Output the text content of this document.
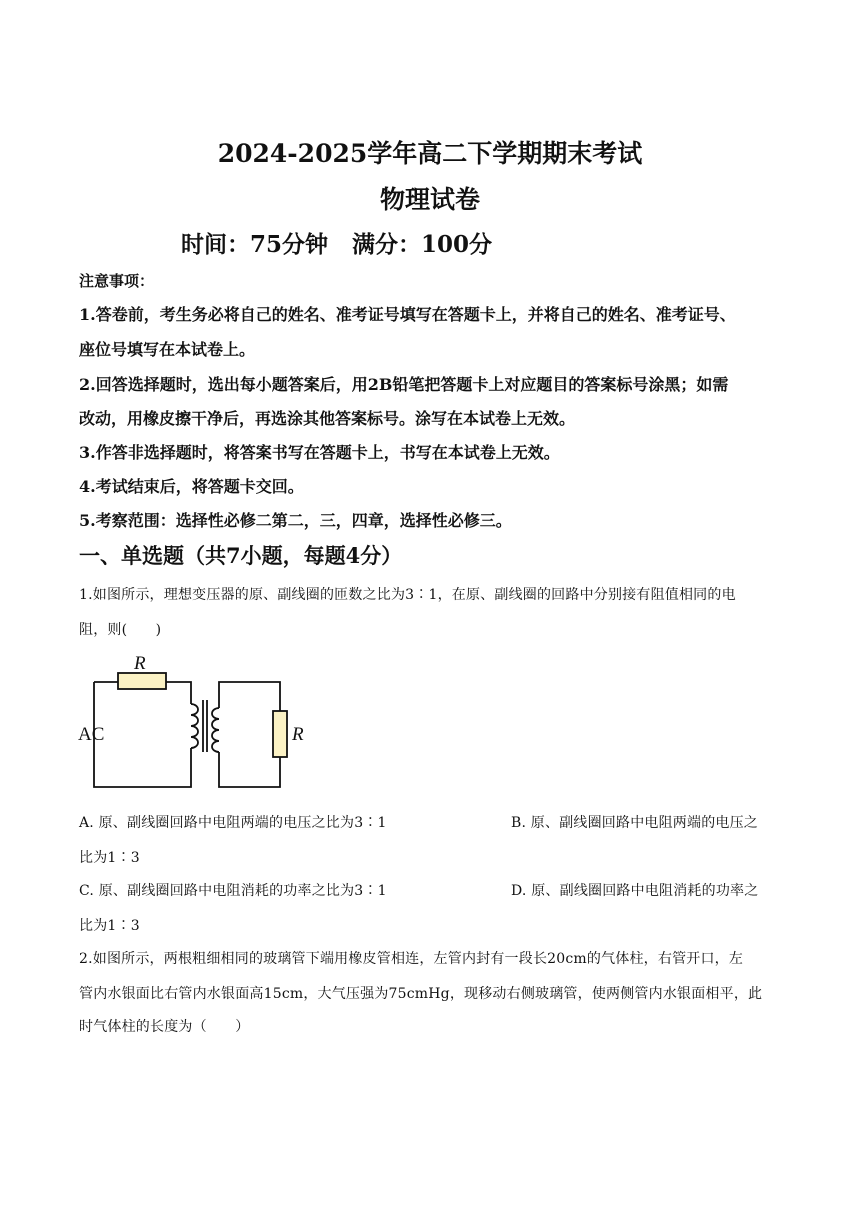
2024-2025学年高二下学期期末考试
物理试卷
时间：75分钟   满分：100分
注意事项：
1.答卷前，考生务必将自己的姓名、准考证号填写在答题卡上，并将自己的姓名、准考证号、
座位号填写在本试卷上。
2.回答选择题时，选出每小题答案后，用2B铅笔把答题卡上对应题目的答案标号涂黑；如需
改动，用橡皮擦干净后，再选涂其他答案标号。涂写在本试卷上无效。
3.作答非选择题时，将答案书写在答题卡上，书写在本试卷上无效。
4.考试结束后，将答题卡交回。
5.考察范围：选择性必修二第二，三，四章，选择性必修三。
一、单选题（共7小题，每题4分）
1.如图所示，理想变压器的原、副线圈的匝数之比为3∶1，在原、副线圈的回路中分别接有阻值相同的电
阻，则(　　)
R
AC	R
A. 原、副线圈回路中电阻两端的电压之比为3∶1	B. 原、副线圈回路中电阻两端的电压之
比为1∶3
C. 原、副线圈回路中电阻消耗的功率之比为3∶1	D. 原、副线圈回路中电阻消耗的功率之
比为1∶3
2.如图所示，两根粗细相同的玻璃管下端用橡皮管相连，左管内封有一段长20cm的气体柱，右管开口，左
管内水银面比右管内水银面高15cm，大气压强为75cmHg，现移动右侧玻璃管，使两侧管内水银面相平，此
时气体柱的长度为（　　）
